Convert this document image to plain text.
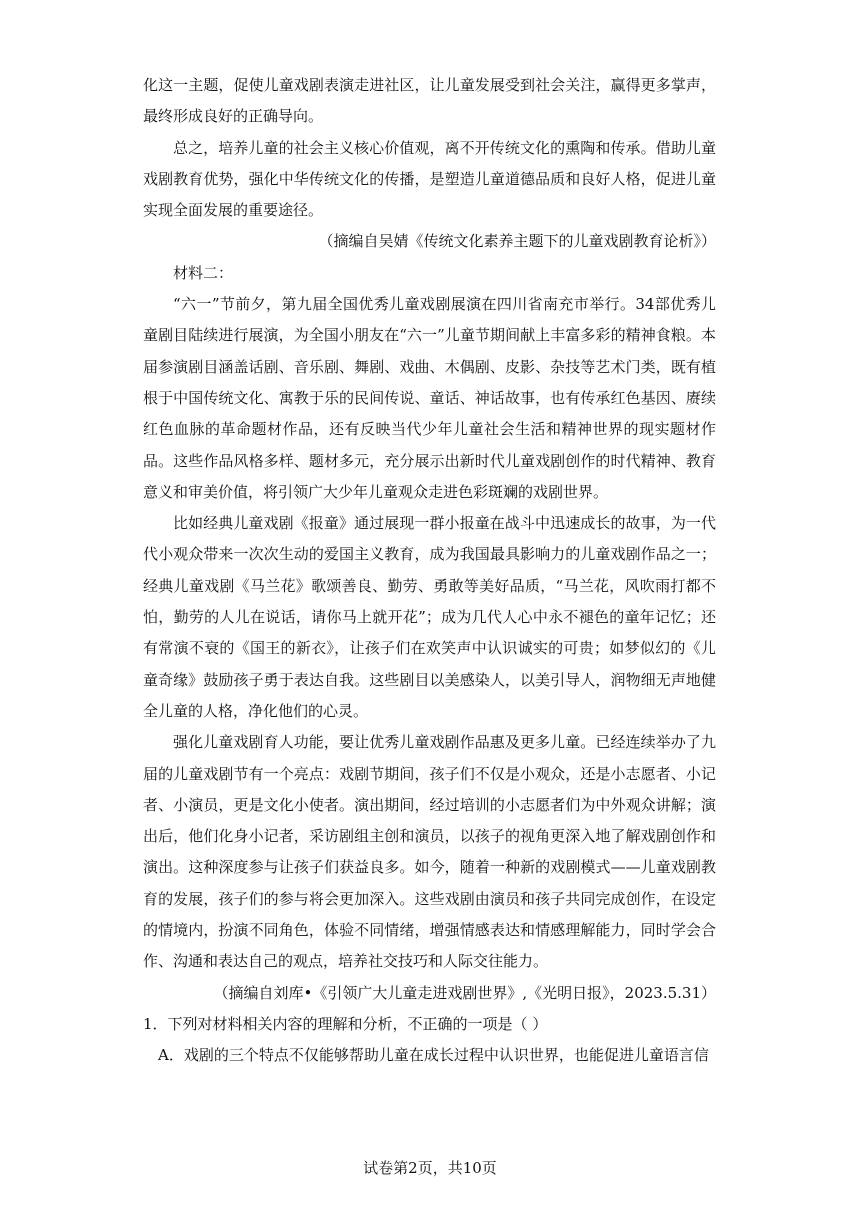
化这一主题，促使儿童戏剧表演走进社区，让儿童发展受到社会关注，赢得更多掌声，最终形成良好的正确导向。

总之，培养儿童的社会主义核心价值观，离不开传统文化的熏陶和传承。借助儿童戏剧教育优势，强化中华传统文化的传播，是塑造儿童道德品质和良好人格，促进儿童实现全面发展的重要途径。

（摘编自吴婧《传统文化素养主题下的儿童戏剧教育论析》）

材料二：

“六一”节前夕，第九届全国优秀儿童戏剧展演在四川省南充市举行。34部优秀儿童剧目陆续进行展演，为全国小朋友在“六一”儿童节期间献上丰富多彩的精神食粮。本届参演剧目涵盖话剧、音乐剧、舞剧、戏曲、木偶剧、皮影、杂技等艺术门类，既有植根于中国传统文化、寓教于乐的民间传说、童话、神话故事，也有传承红色基因、赓续红色血脉的革命题材作品，还有反映当代少年儿童社会生活和精神世界的现实题材作品。这些作品风格多样、题材多元，充分展示出新时代儿童戏剧创作的时代精神、教育意义和审美价值，将引领广大少年儿童观众走进色彩斑斓的戏剧世界。

比如经典儿童戏剧《报童》通过展现一群小报童在战斗中迅速成长的故事，为一代代小观众带来一次次生动的爱国主义教育，成为我国最具影响力的儿童戏剧作品之一；经典儿童戏剧《马兰花》歌颂善良、勤劳、勇敢等美好品质，“马兰花，风吹雨打都不怕，勤劳的人儿在说话，请你马上就开花”；成为几代人心中永不褪色的童年记忆；还有常演不衰的《国王的新衣》，让孩子们在欢笑声中认识诚实的可贵；如梦似幻的《儿童奇缘》鼓励孩子勇于表达自我。这些剧目以美感染人，以美引导人，润物细无声地健全儿童的人格，净化他们的心灵。

强化儿童戏剧育人功能，要让优秀儿童戏剧作品惠及更多儿童。已经连续举办了九届的儿童戏剧节有一个亮点：戏剧节期间，孩子们不仅是小观众，还是小志愿者、小记者、小演员，更是文化小使者。演出期间，经过培训的小志愿者们为中外观众讲解；演出后，他们化身小记者，采访剧组主创和演员，以孩子的视角更深入地了解戏剧创作和演出。这种深度参与让孩子们获益良多。如今，随着一种新的戏剧模式——儿童戏剧教育的发展，孩子们的参与将会更加深入。这些戏剧由演员和孩子共同完成创作，在设定的情境内，扮演不同角色，体验不同情绪，增强情感表达和情感理解能力，同时学会合作、沟通和表达自己的观点，培养社交技巧和人际交往能力。

（摘编自刘库•《引领广大儿童走进戏剧世界》,《光明日报》，2023.5.31）

1．下列对材料相关内容的理解和分析，不正确的一项是（ ）

A．戏剧的三个特点不仅能够帮助儿童在成长过程中认识世界，也能促进儿童语言信

试卷第2页，共10页
